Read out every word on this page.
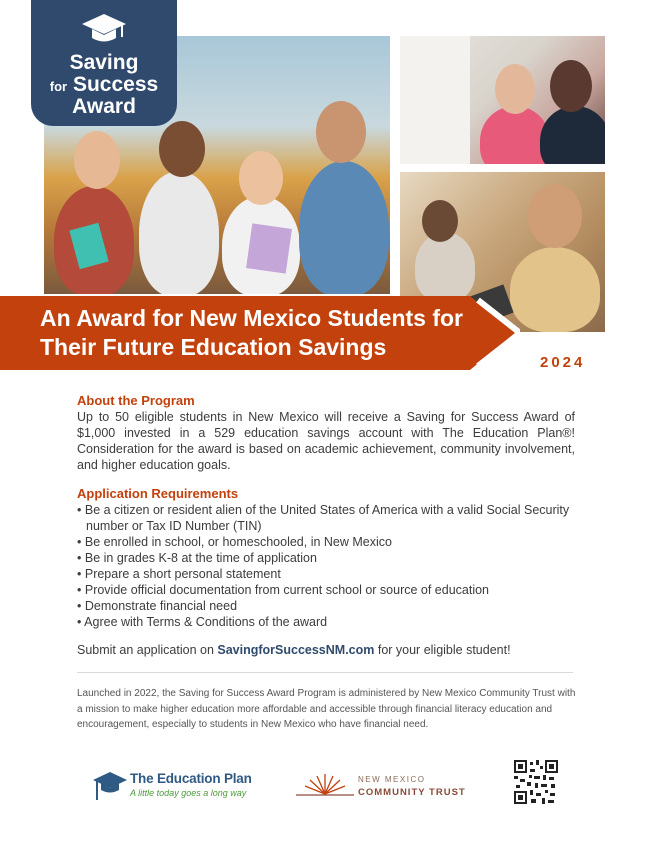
Saving
for Success
Award
An Award for New Mexico Students for Their Future Education Savings
2024
About the Program

Up to 50 eligible students in New Mexico will receive a Saving for Success Award of $1,000 invested in a 529 education savings account with The Education Plan®! Consideration for the award is based on academic achievement, community involvement, and higher education goals.

Application Requirements
• Be a citizen or resident alien of the United States of America with a valid Social Security number or Tax ID Number (TIN)
• Be enrolled in school, or homeschooled, in New Mexico
• Be in grades K-8 at the time of application
• Prepare a short personal statement
• Provide official documentation from current school or source of education
• Demonstrate financial need
• Agree with Terms & Conditions of the award

Submit an application on SavingforSuccessNM.com for your eligible student!

Launched in 2022, the Saving for Success Award Program is administered by New Mexico Community Trust with a mission to make higher education more affordable and accessible through financial literacy education and encouragement, especially to students in New Mexico who have financial need.

The Education Plan
A little today goes a long way
NEW MEXICO
COMMUNITY TRUST
